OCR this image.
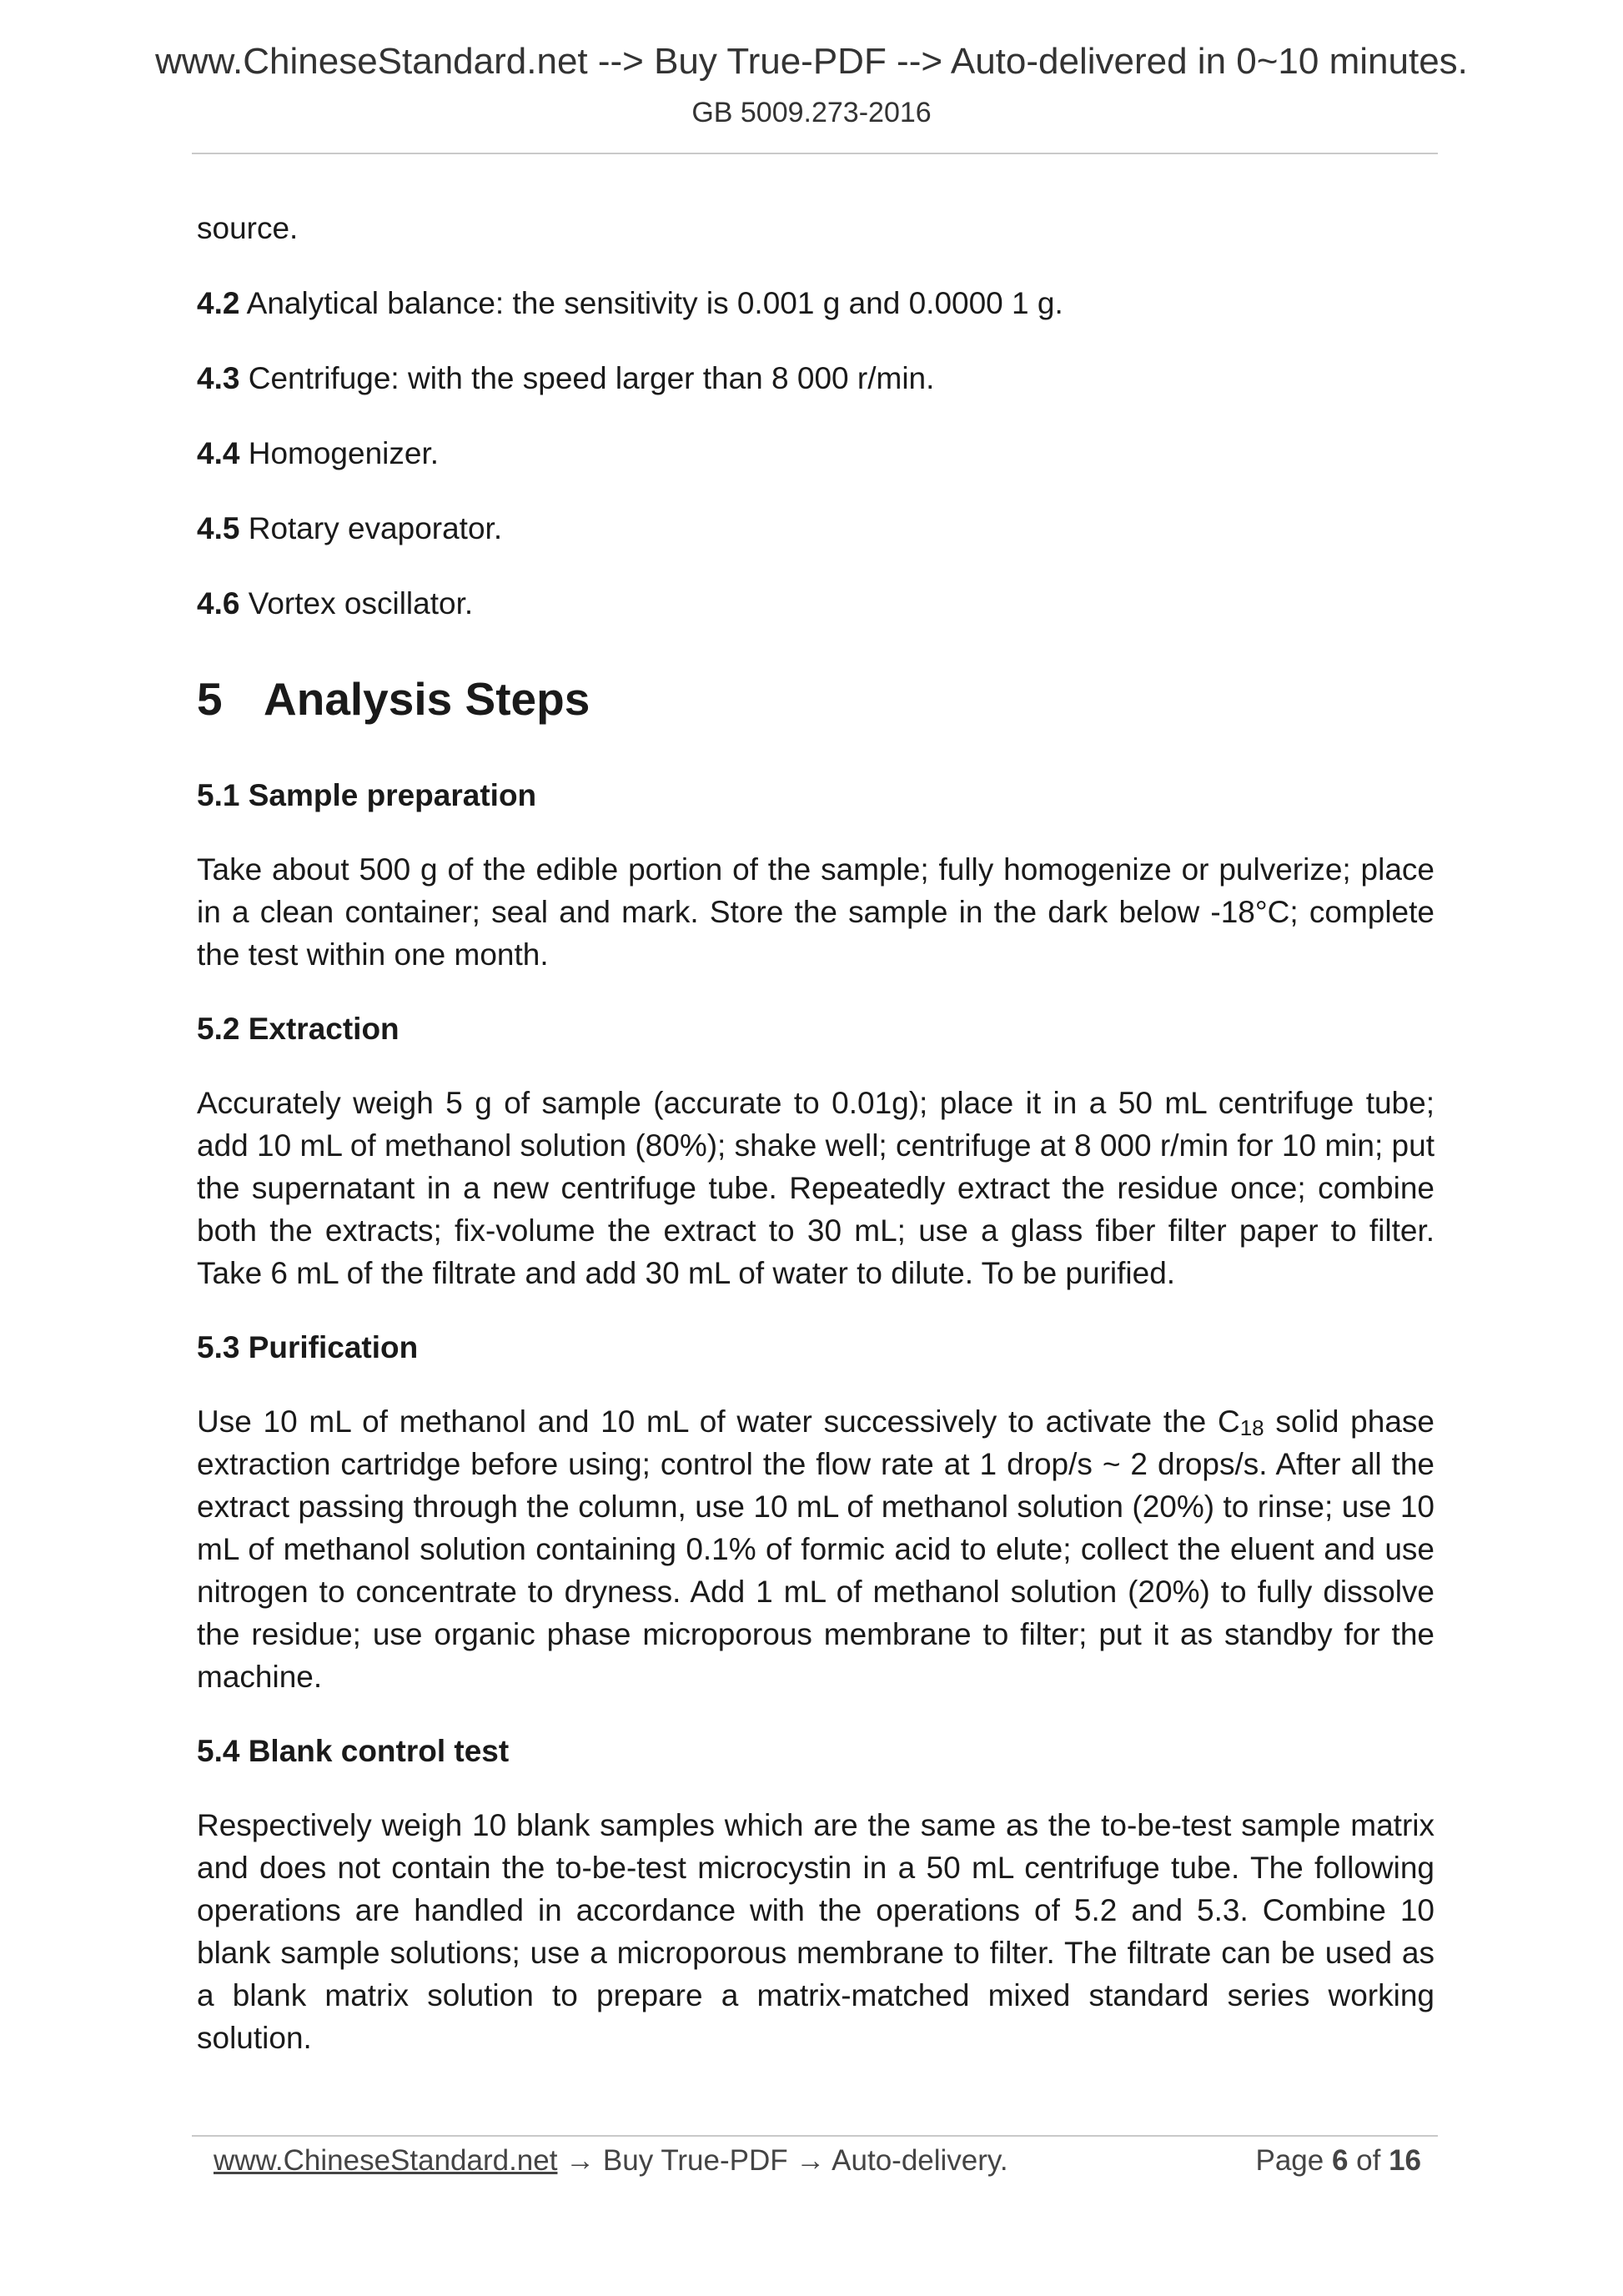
www.ChineseStandard.net --> Buy True-PDF --> Auto-delivered in 0~10 minutes.
GB 5009.273-2016

source.

4.2 Analytical balance: the sensitivity is 0.001 g and 0.0000 1 g.

4.3 Centrifuge: with the speed larger than 8 000 r/min.

4.4 Homogenizer.

4.5 Rotary evaporator.

4.6 Vortex oscillator.

5 Analysis Steps
5.1 Sample preparation

Take about 500 g of the edible portion of the sample; fully homogenize or pulverize; place in a clean container; seal and mark. Store the sample in the dark below -18°C; complete the test within one month.

5.2 Extraction

Accurately weigh 5 g of sample (accurate to 0.01g); place it in a 50 mL centrifuge tube; add 10 mL of methanol solution (80%); shake well; centrifuge at 8 000 r/min for 10 min; put the supernatant in a new centrifuge tube. Repeatedly extract the residue once; combine both the extracts; fix-volume the extract to 30 mL; use a glass fiber filter paper to filter. Take 6 mL of the filtrate and add 30 mL of water to dilute. To be purified.

5.3 Purification

Use 10 mL of methanol and 10 mL of water successively to activate the $C_{18}$ solid phase extraction cartridge before using; control the flow rate at 1 drop/s ~ 2 drops/s. After all the extract passing through the column, use 10 mL of methanol solution (20%) to rinse; use 10 mL of methanol solution containing 0.1% of formic acid to elute; collect the eluent and use nitrogen to concentrate to dryness. Add 1 mL of methanol solution (20%) to fully dissolve the residue; use organic phase microporous membrane to filter; put it as standby for the machine.

5.4 Blank control test

Respectively weigh 10 blank samples which are the same as the to-be-test sample matrix and does not contain the to-be-test microcystin in a 50 mL centrifuge tube. The following operations are handled in accordance with the operations of 5.2 and 5.3. Combine 10 blank sample solutions; use a microporous membrane to filter. The filtrate can be used as a blank matrix solution to prepare a matrix-matched mixed standard series working solution.

www.ChineseStandard.net → Buy True-PDF → Auto-delivery.	Page 6 of 16
